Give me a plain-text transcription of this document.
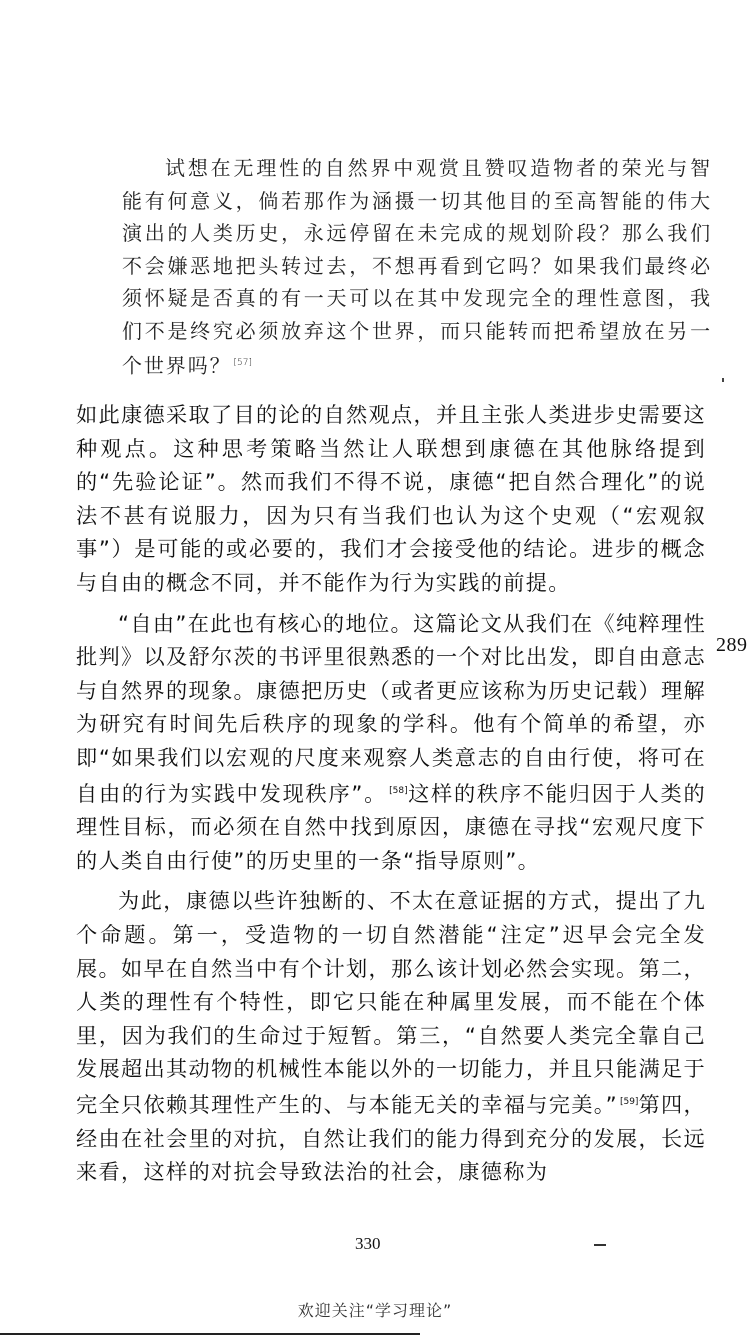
试想在无理性的自然界中观赏且赞叹造物者的荣光与智能有何意义，倘若那作为涵摄一切其他目的至高智能的伟大演出的人类历史，永远停留在未完成的规划阶段？那么我们不会嫌恶地把头转过去，不想再看到它吗？如果我们最终必须怀疑是否真的有一天可以在其中发现完全的理性意图，我们不是终究必须放弃这个世界，而只能转而把希望放在另一个世界吗？ [57]

如此康德采取了目的论的自然观点，并且主张人类进步史需要这种观点。这种思考策略当然让人联想到康德在其他脉络提到的“先验论证”。然而我们不得不说，康德“把自然合理化”的说法不甚有说服力，因为只有当我们也认为这个史观（“宏观叙事”）是可能的或必要的，我们才会接受他的结论。进步的概念与自由的概念不同，并不能作为行为实践的前提。

“自由”在此也有核心的地位。这篇论文从我们在《纯粹理性批判》以及舒尔茨的书评里很熟悉的一个对比出发，即自由意志与自然界的现象。康德把历史（或者更应该称为历史记载）理解为研究有时间先后秩序的现象的学科。他有个简单的希望，亦即“如果我们以宏观的尺度来观察人类意志的自由行使，将可在自由的行为实践中发现秩序”。 [58]这样的秩序不能归因于人类的理性目标，而必须在自然中找到原因，康德在寻找“宏观尺度下的人类自由行使”的历史里的一条“指导原则”。

为此，康德以些许独断的、不太在意证据的方式，提出了九个命题。第一，受造物的一切自然潜能“注定”迟早会完全发展。如早在自然当中有个计划，那么该计划必然会实现。第二，人类的理性有个特性，即它只能在种属里发展，而不能在个体里，因为我们的生命过于短暂。第三，“自然要人类完全靠自己发展超出其动物的机械性本能以外的一切能力，并且只能满足于完全只依赖其理性产生的、与本能无关的幸福与完美。” [59]第四，经由在社会里的对抗，自然让我们的能力得到充分的发展，长远来看，这样的对抗会导致法治的社会，康德称为

289
330
欢迎关注“学习理论”
